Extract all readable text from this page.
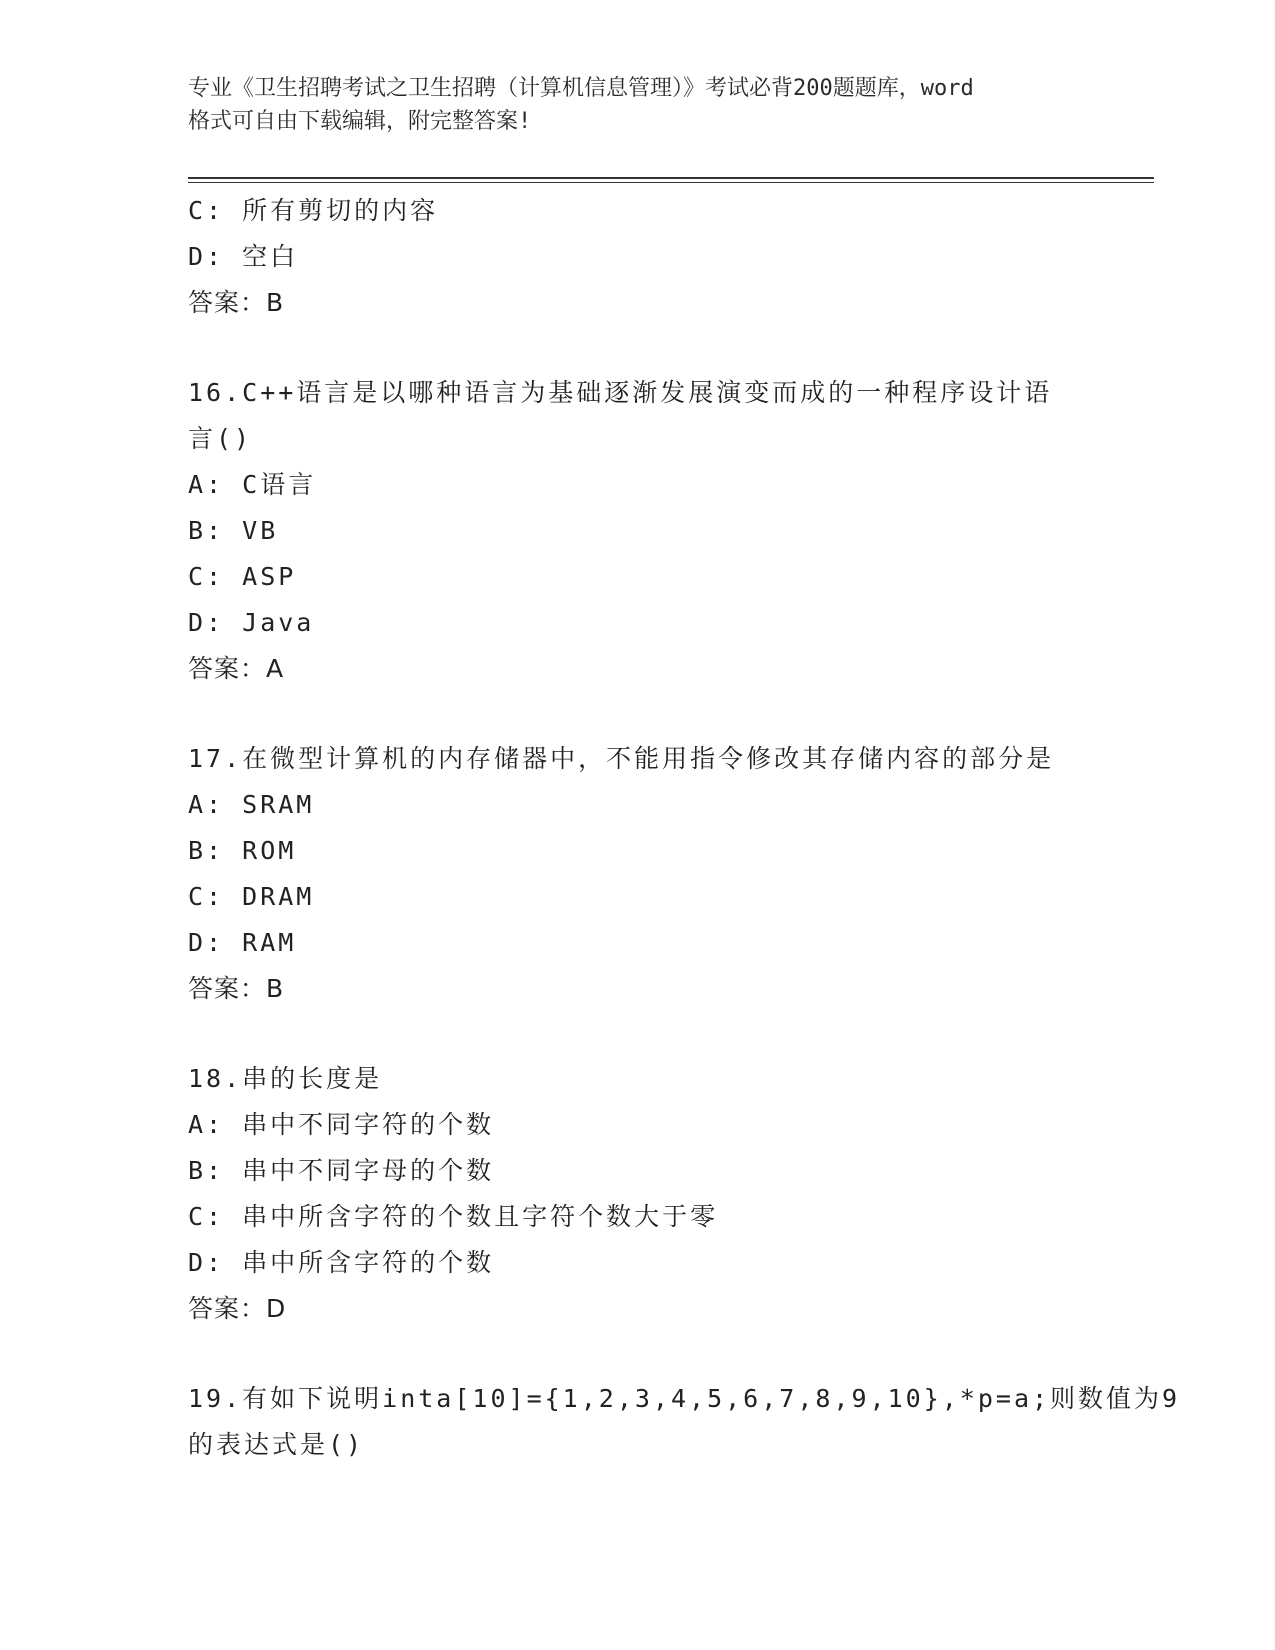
专业《卫生招聘考试之卫生招聘（计算机信息管理）》考试必背200题题库，word
格式可自由下载编辑，附完整答案!
C: 所有剪切的内容
D: 空白
答案：B
16.C++语言是以哪种语言为基础逐渐发展演变而成的一种程序设计语
言()
A: C语言
B: VB
C: ASP
D: Java
答案：A
17.在微型计算机的内存储器中，不能用指令修改其存储内容的部分是
A: SRAM
B: ROM
C: DRAM
D: RAM
答案：B
18.串的长度是
A: 串中不同字符的个数
B: 串中不同字母的个数
C: 串中所含字符的个数且字符个数大于零
D: 串中所含字符的个数
答案：D
19.有如下说明inta[10]={1,2,3,4,5,6,7,8,9,10},*p=a;则数值为9
的表达式是()
